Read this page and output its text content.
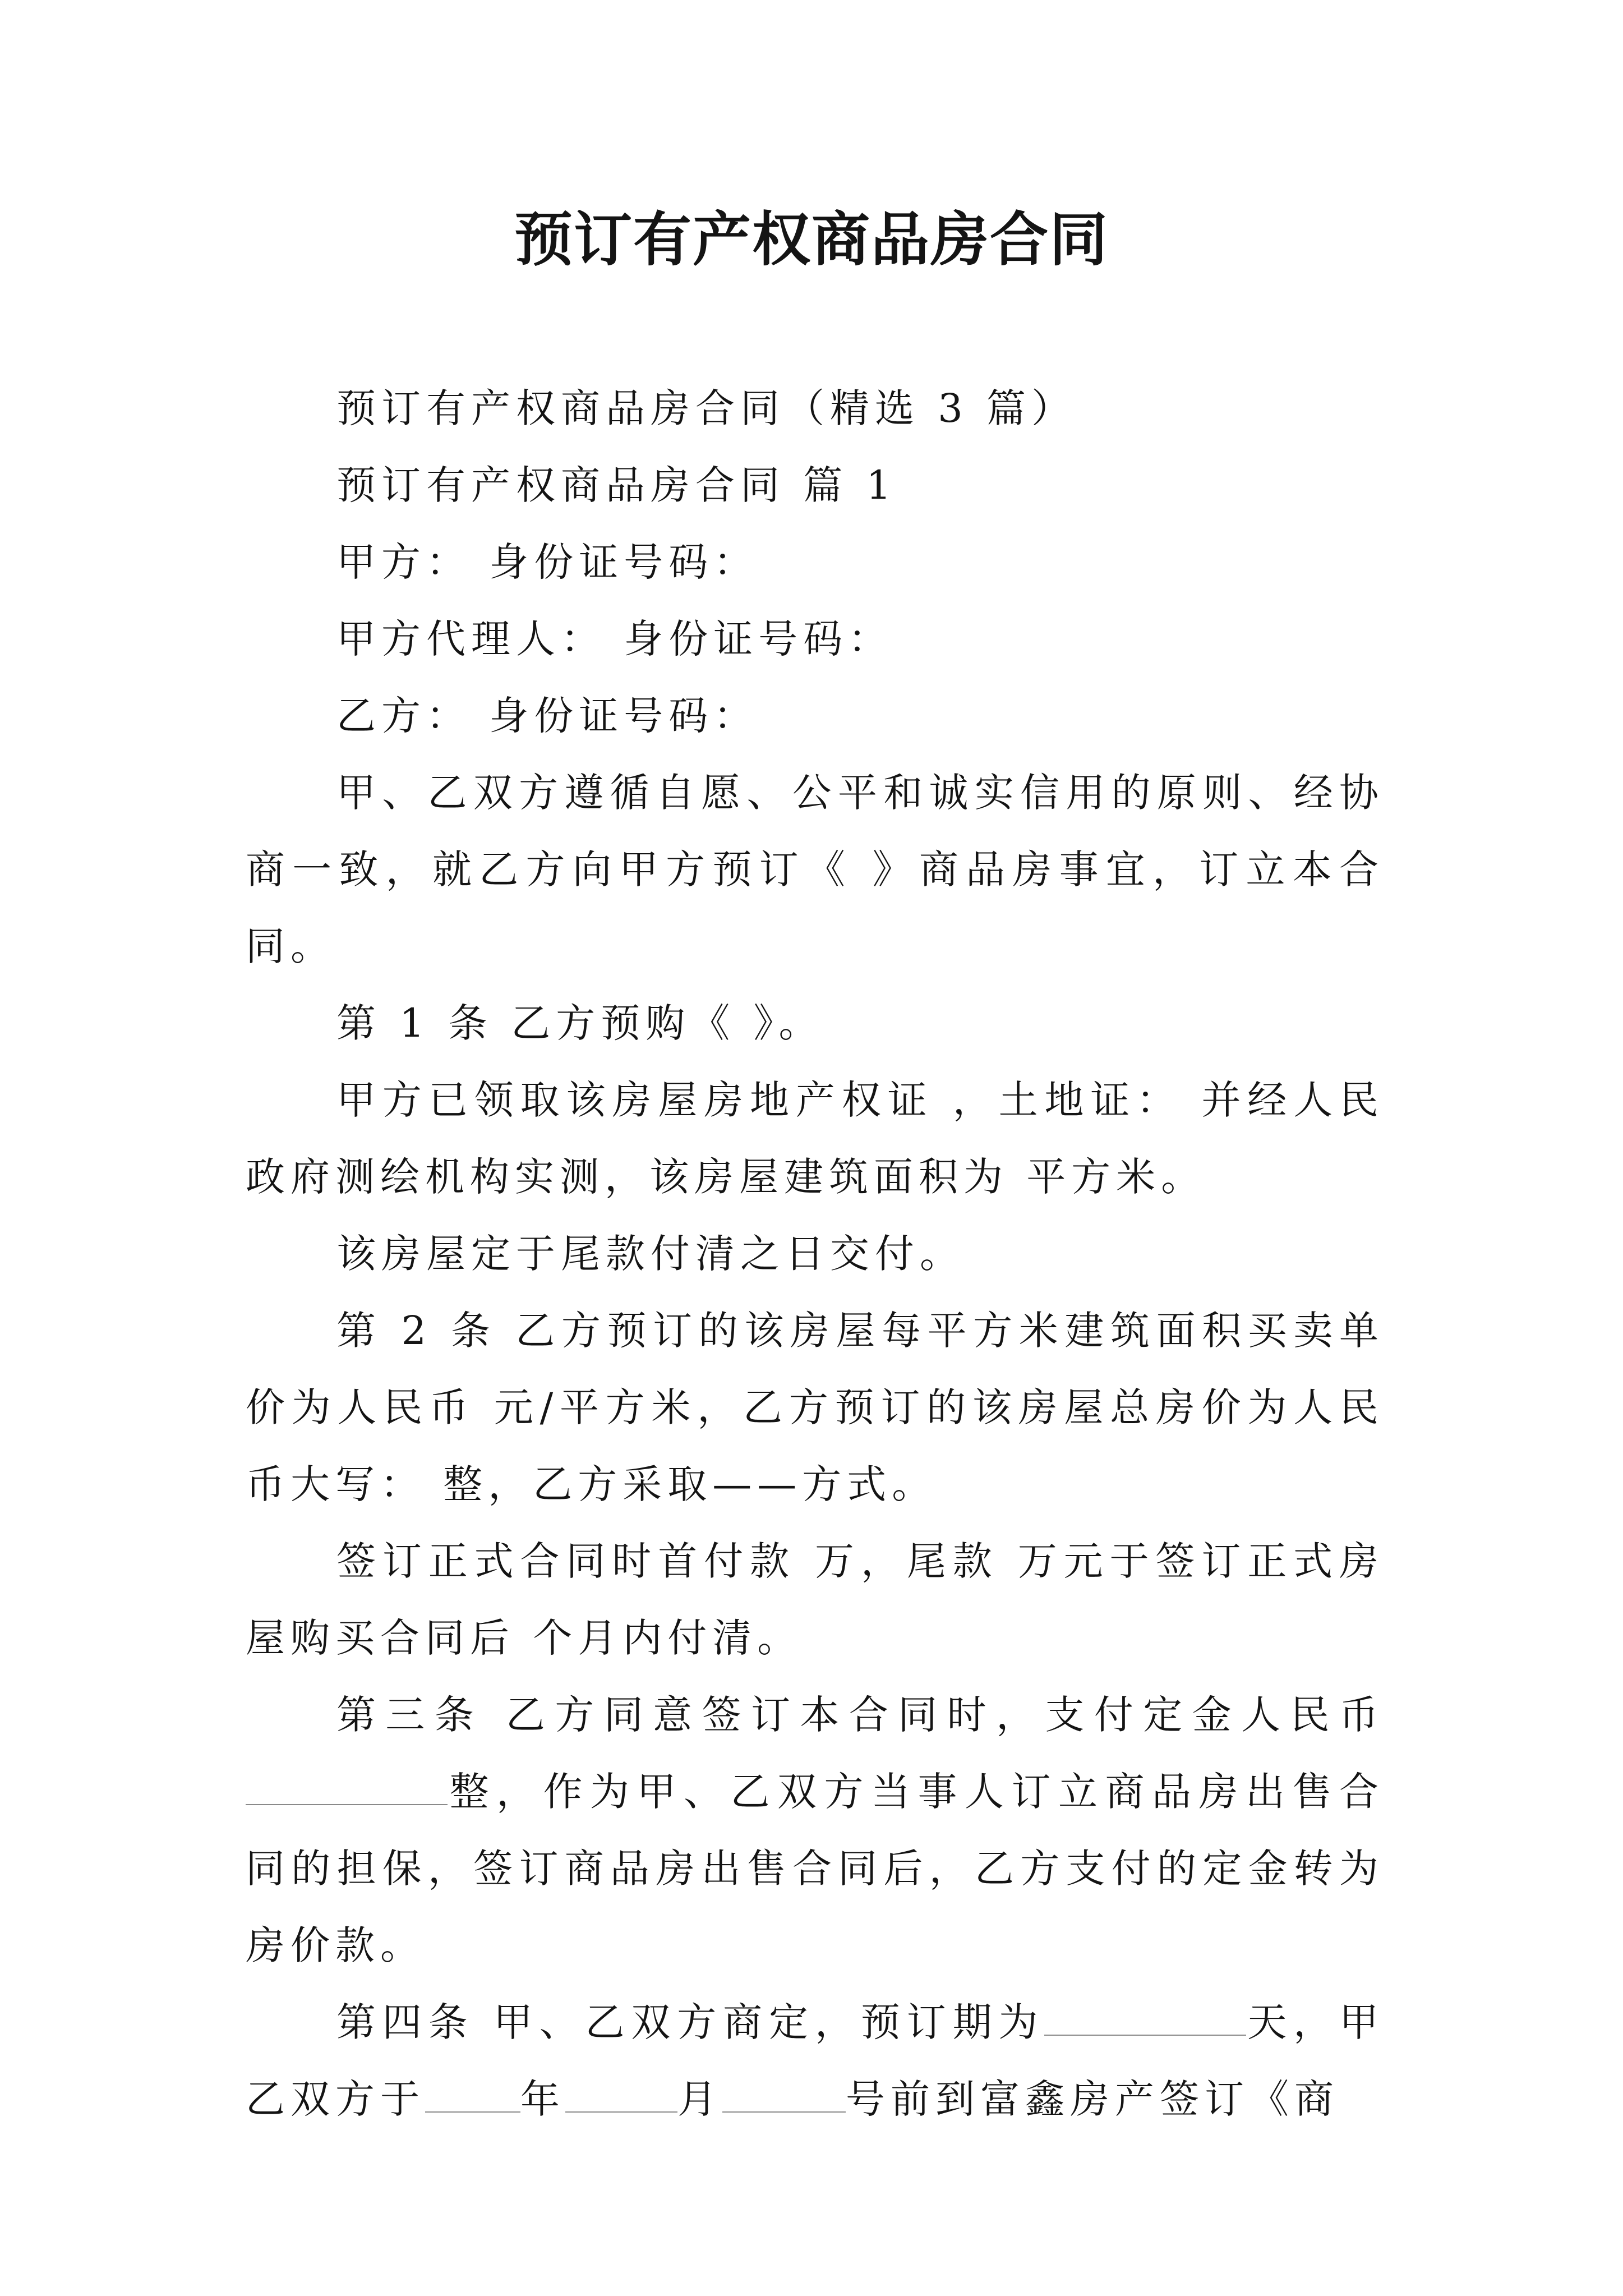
预订有产权商品房合同

预订有产权商品房合同（精选 3 篇）

预订有产权商品房合同 篇 1

甲方： 身份证号码：

甲方代理人： 身份证号码：

乙方： 身份证号码：

甲、乙双方遵循自愿、公平和诚实信用的原则、经协商一致，就乙方向甲方预订《 》商品房事宜，订立本合同。

第 1 条 乙方预购《 》。

甲方已领取该房屋房地产权证 ，土地证： 并经人民政府测绘机构实测，该房屋建筑面积为 平方米。

该房屋定于尾款付清之日交付。

第 2 条 乙方预订的该房屋每平方米建筑面积买卖单价为人民币 元/平方米，乙方预订的该房屋总房价为人民币大写： 整，乙方采取——方式。

签订正式合同时首付款 万，尾款 万元于签订正式房屋购买合同后 个月内付清。

第三条 乙方同意签订本合同时，支付定金人民币整，作为甲、乙双方当事人订立商品房出售合同的担保，签订商品房出售合同后，乙方支付的定金转为房价款。

第四条 甲、乙双方商定，预订期为	天，甲乙双方于 年	月	号前到富鑫房产签订《商
